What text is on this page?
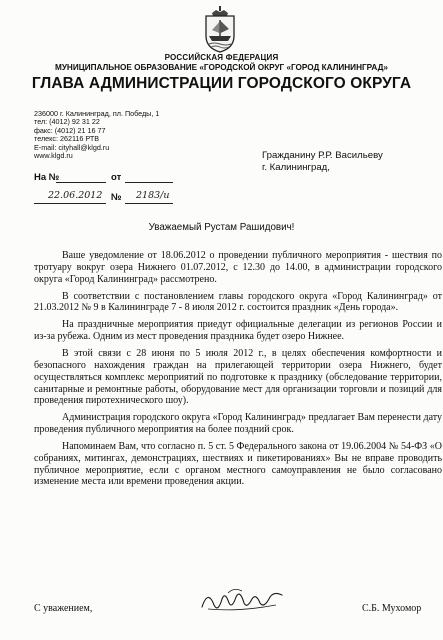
РОССИЙСКАЯ ФЕДЕРАЦИЯ
МУНИЦИПАЛЬНОЕ ОБРАЗОВАНИЕ «ГОРОДСКОЙ ОКРУГ «ГОРОД КАЛИНИНГРАД»
ГЛАВА АДМИНИСТРАЦИИ ГОРОДСКОГО ОКРУГА
236000 г. Калининград, пл. Победы, 1
тел: (4012) 92 31 22
факс: (4012) 21 16 77
телекс: 262116 РТВ
E-mail: cityhall@klgd.ru
www.klgd.ru	Гражданину Р.Р. Васильеву
г. Калининград,
На №	от
22.06.2012 № 2183/и
Уважаемый Рустам Рашидович!

Ваше уведомление от 18.06.2012 о проведении публичного мероприятия - шествия по тротуару вокруг озера Нижнего 01.07.2012, с 12.30 до 14.00, в администрации городского округа «Город Калининград» рассмотрено.

В соответствии с постановлением главы городского округа «Город Калининград» от 21.03.2012 № 9 в Калининграде 7 - 8 июля 2012 г. состоится праздник «День города».

На праздничные мероприятия приедут официальные делегации из регионов России и из-за рубежа. Одним из мест проведения праздника будет озеро Нижнее.

В этой связи с 28 июня по 5 июля 2012 г., в целях обеспечения комфортности и безопасного нахождения граждан на прилегающей территории озера Нижнего, будет осуществляться комплекс мероприятий по подготовке к празднику (обследование территории, санитарные и ремонтные работы, оборудование мест для организации торговли и позиций для проведения пиротехнического шоу).

Администрация городского округа «Город Калининград» предлагает Вам перенести дату проведения публичного мероприятия на более поздний срок.

Напоминаем Вам, что согласно п. 5 ст. 5 Федерального закона от 19.06.2004 № 54-ФЗ «О собраниях, митингах, демонстрациях, шествиях и пикетированиях» Вы не вправе проводить публичное мероприятие, если с органом местного самоуправления не было согласовано изменение места или времени проведения акции.

С уважением,	С.Б. Мухомор
